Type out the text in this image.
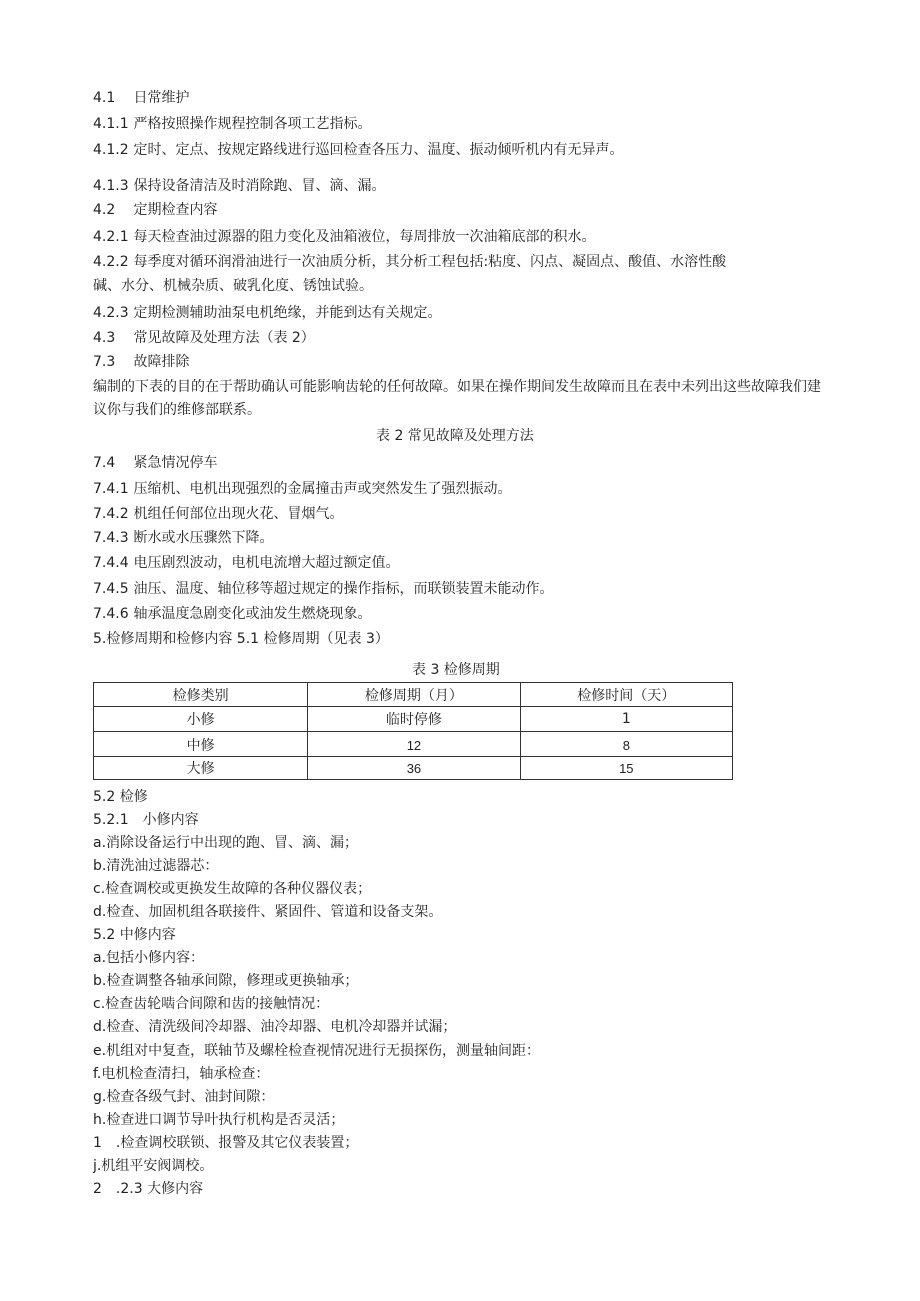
4.1 日常维护
4.1.1 严格按照操作规程控制各项工艺指标。
4.1.2 定时、定点、按规定路线进行巡回检查各压力、温度、振动倾听机内有无异声。
4.1.3 保持设备清洁及时消除跑、冒、滴、漏。
4.2 定期检查内容
4.2.1 每天检查油过源器的阻力变化及油箱液位，每周排放一次油箱底部的积水。
4.2.2 每季度对循环润滑油进行一次油质分析，其分析工程包括:粘度、闪点、凝固点、酸值、水溶性酸
碱、水分、机械杂质、破乳化度、锈蚀试验。
4.2.3 定期检测辅助油泵电机绝缘，并能到达有关规定。
4.3 常见故障及处理方法（表 2）
7.3 故障排除
编制的下表的目的在于帮助确认可能影响齿轮的任何故障。如果在操作期间发生故障而且在表中未列出这些故障我们建议你与我们的维修部联系。
表 2 常见故障及处理方法
7.4 紧急情况停车
7.4.1 压缩机、电机出现强烈的金属撞击声或突然发生了强烈振动。
7.4.2 机组任何部位出现火花、冒烟气。
7.4.3 断水或水压骤然下降。
7.4.4 电压剧烈波动，电机电流增大超过额定值。
7.4.5 油压、温度、轴位移等超过规定的操作指标，而联锁装置未能动作。
7.4.6 轴承温度急剧变化或油发生燃烧现象。
5.检修周期和检修内容 5.1 检修周期（见表 3）
表 3 检修周期
检修类别	检修周期（月）	检修时间（天）
小修	临时停修	1
中修	12	8
大修	36	15
5.2 检修
5.2.1　小修内容
a.消除设备运行中出现的跑、冒、滴、漏；
b.清洗油过滤器芯：
c.检查调校或更换发生故障的各种仪器仪表；
d.检查、加固机组各联接件、紧固件、管道和设备支架。
5.2 中修内容
a.包括小修内容：
b.检查调整各轴承间隙，修理或更换轴承；
c.检查齿轮啮合间隙和齿的接触情况：
d.检查、清洗级间冷却器、油冷却器、电机冷却器并试漏；
e.机组对中复查，联轴节及螺栓检查视情况进行无损探伤，测量轴间距：
f.电机检查清扫，轴承检查：
g.检查各级气封、油封间隙：
h.检查进口调节导叶执行机构是否灵活；
1　.检查调校联锁、报警及其它仪表装置；
j.机组平安阀调校。
2　.2.3 大修内容
